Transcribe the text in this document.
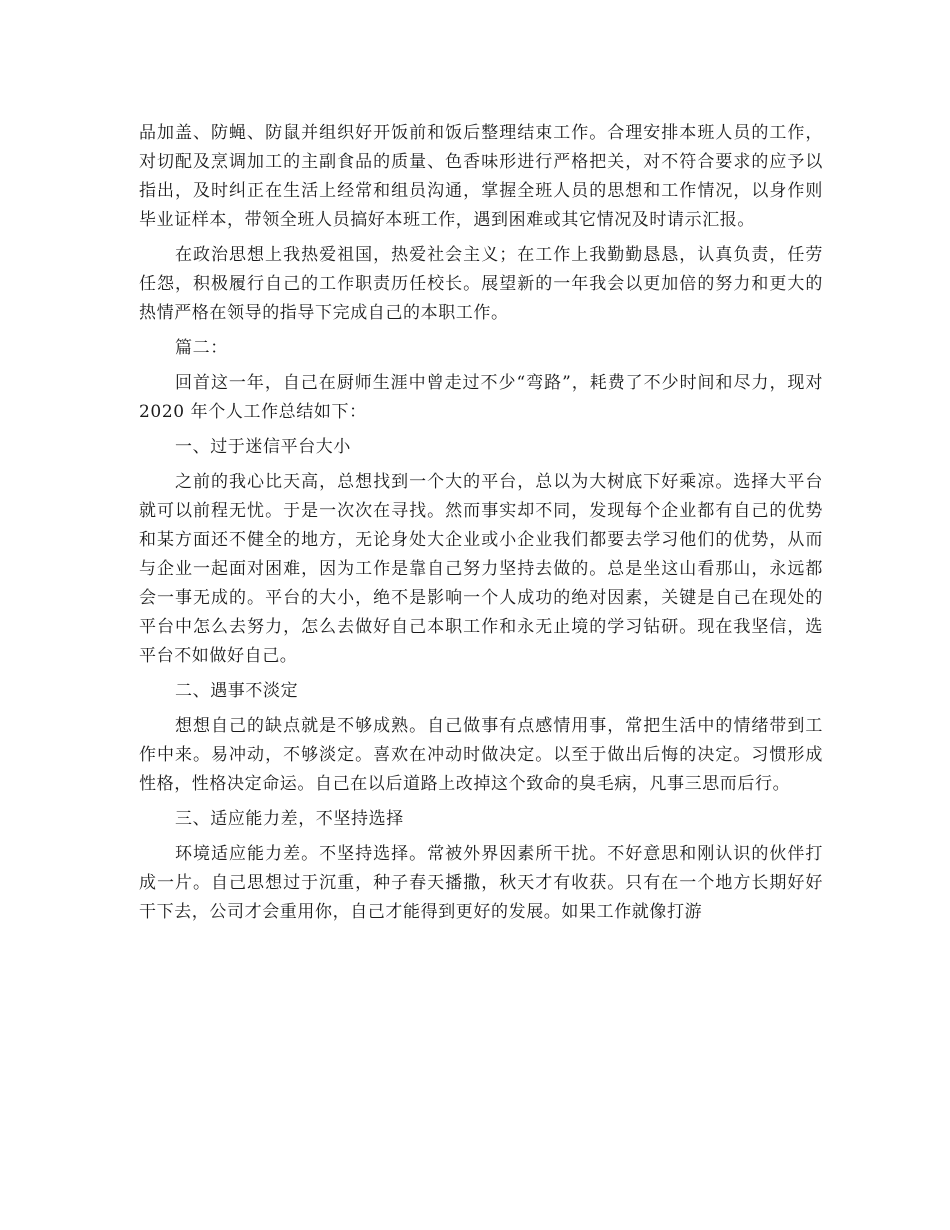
品加盖、防蝇、防鼠并组织好开饭前和饭后整理结束工作。合理安排本班人员的工作，对切配及烹调加工的主副食品的质量、色香味形进行严格把关，对不符合要求的应予以指出，及时纠正在生活上经常和组员沟通，掌握全班人员的思想和工作情况，以身作则毕业证样本，带领全班人员搞好本班工作，遇到困难或其它情况及时请示汇报。

在政治思想上我热爱祖国，热爱社会主义；在工作上我勤勤恳恳，认真负责，任劳任怨，积极履行自己的工作职责历任校长。展望新的一年我会以更加倍的努力和更大的热情严格在领导的指导下完成自己的本职工作。

篇二：

回首这一年，自己在厨师生涯中曾走过不少“弯路”，耗费了不少时间和尽力，现对 2020 年个人工作总结如下：

一、过于迷信平台大小

之前的我心比天高，总想找到一个大的平台，总以为大树底下好乘凉。选择大平台就可以前程无忧。于是一次次在寻找。然而事实却不同，发现每个企业都有自己的优势和某方面还不健全的地方，无论身处大企业或小企业我们都要去学习他们的优势，从而与企业一起面对困难，因为工作是靠自己努力坚持去做的。总是坐这山看那山，永远都会一事无成的。平台的大小，绝不是影响一个人成功的绝对因素，关键是自己在现处的平台中怎么去努力，怎么去做好自己本职工作和永无止境的学习钻研。现在我坚信，选平台不如做好自己。

二、遇事不淡定

想想自己的缺点就是不够成熟。自己做事有点感情用事，常把生活中的情绪带到工作中来。易冲动，不够淡定。喜欢在冲动时做决定。以至于做出后悔的决定。习惯形成性格，性格决定命运。自己在以后道路上改掉这个致命的臭毛病，凡事三思而后行。

三、适应能力差，不坚持选择

环境适应能力差。不坚持选择。常被外界因素所干扰。不好意思和刚认识的伙伴打成一片。自己思想过于沉重，种子春天播撒，秋天才有收获。只有在一个地方长期好好干下去，公司才会重用你，自己才能得到更好的发展。如果工作就像打游
